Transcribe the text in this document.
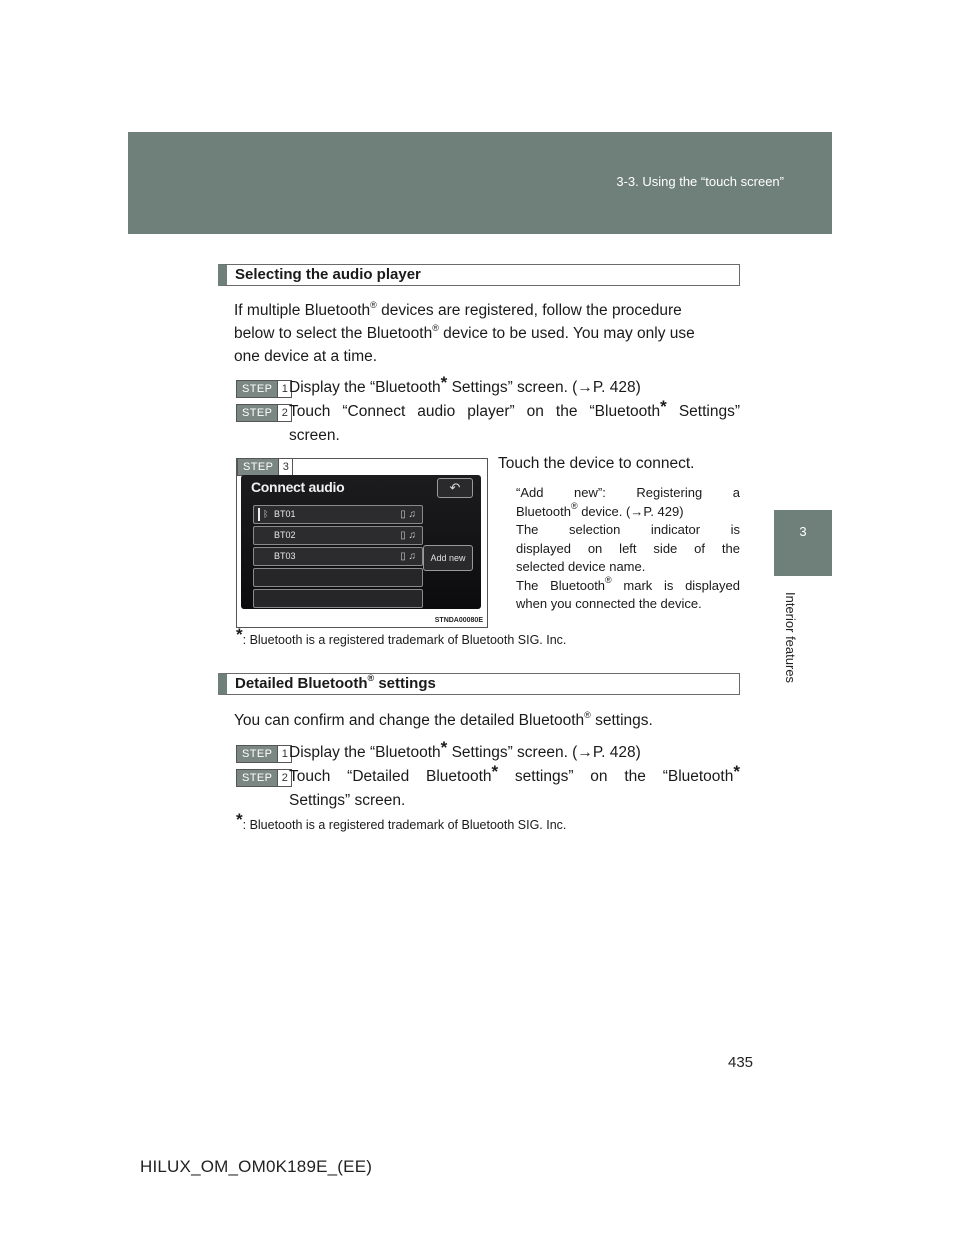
3-3. Using the “touch screen”
3
Interior features
Selecting the audio player
If multiple Bluetooth® devices are registered, follow the procedure
below to select the Bluetooth® device to be used. You may only use
one device at a time.
STEP 1 Display the “Bluetooth* Settings” screen. (→P. 428)
STEP 2 Touch “Connect audio player” on the “Bluetooth* Settings”
screen.
STEP 3
Connect audio	↶
ᛒ BT01	▯ ♫
BT02	▯ ♫
BT03	▯ ♫	Add new
STNDA00080E
Touch the device to connect.
“Add new”: Registering a
Bluetooth® device. (→P. 429)
The selection indicator is
displayed on left side of the
selected device name.
The Bluetooth® mark is displayed
when you connected the device.
*: Bluetooth is a registered trademark of Bluetooth SIG. Inc.
Detailed Bluetooth® settings
You can confirm and change the detailed Bluetooth® settings.
STEP 1 Display the “Bluetooth* Settings” screen. (→P. 428)
STEP 2 Touch “Detailed Bluetooth* settings” on the “Bluetooth*
Settings” screen.
*: Bluetooth is a registered trademark of Bluetooth SIG. Inc.
435
HILUX_OM_OM0K189E_(EE)
